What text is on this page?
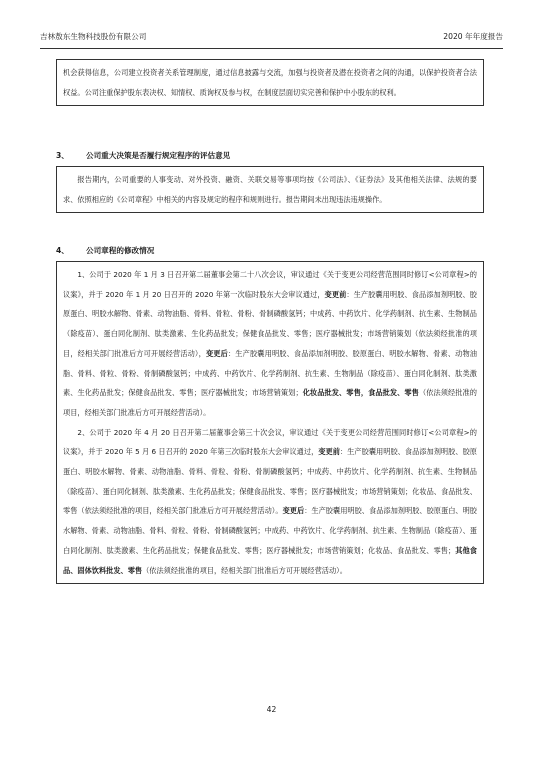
吉林敖东生物科技股份有限公司	2020 年年度报告

机会获得信息，公司建立投资者关系管理制度，通过信息披露与交流，加强与投资者及潜在投资者之间的沟通，以保护投资者合法权益。公司注重保护股东表决权、知情权、质询权及参与权，在制度层面切实完善和保护中小股东的权利。

3、 公司重大决策是否履行规定程序的评估意见

报告期内，公司重要的人事变动、对外投资、融资、关联交易等事项均按《公司法》、《证券法》及其他相关法律、法规的要求、依照相应的《公司章程》中相关的内容及规定的程序和规则进行。报告期间未出现违法违规操作。

4、 公司章程的修改情况

1、公司于 2020 年 1 月 3 日召开第二届董事会第二十八次会议，审议通过《关于变更公司经营范围同时修订<公司章程>的议案》，并于 2020 年 1 月 20 日召开的 2020 年第一次临时股东大会审议通过，变更前：生产胶囊用明胶、食品添加剂明胶、胶原蛋白、明胶水解物、骨素、动物油脂、骨料、骨粒、骨粉、骨制磷酸氢钙；中成药、中药饮片、化学药制剂、抗生素、生物制品（除疫苗）、蛋白同化制剂、肽类激素、生化药品批发；保健食品批发、零售；医疗器械批发；市场营销策划（依法须经批准的项目，经相关部门批准后方可开展经营活动），变更后：生产胶囊用明胶、食品添加剂明胶、胶原蛋白、明胶水解物、骨素、动物油脂、骨料、骨粒、骨粉、骨制磷酸氢钙；中成药、中药饮片、化学药制剂、抗生素、生物制品（除疫苗）、蛋白同化制剂、肽类激素、生化药品批发；保健食品批发、零售；医疗器械批发；市场营销策划；化妆品批发、零售，食品批发、零售（依法须经批准的项目，经相关部门批准后方可开展经营活动）。

2、公司于 2020 年 4 月 20 日召开第二届董事会第三十次会议，审议通过《关于变更公司经营范围同时修订<公司章程>的议案》，并于 2020 年 5 月 6 日召开的 2020 年第三次临时股东大会审议通过，变更前：生产胶囊用明胶、食品添加剂明胶、胶原蛋白、明胶水解物、骨素、动物油脂、骨料、骨粒、骨粉、骨制磷酸氢钙；中成药、中药饮片、化学药制剂、抗生素、生物制品（除疫苗）、蛋白同化制剂、肽类激素、生化药品批发；保健食品批发、零售；医疗器械批发；市场营销策划；化妆品、食品批发、零售（依法须经批准的项目，经相关部门批准后方可开展经营活动）。变更后：生产胶囊用明胶、食品添加剂明胶、胶原蛋白、明胶水解物、骨素、动物油脂、骨料、骨粒、骨粉、骨制磷酸氢钙；中成药、中药饮片、化学药制剂、抗生素、生物制品（除疫苗）、蛋白同化制剂、肽类激素、生化药品批发；保健食品批发、零售；医疗器械批发；市场营销策划；化妆品、食品批发、零售；其他食品、固体饮料批发、零售（依法须经批准的项目，经相关部门批准后方可开展经营活动）。

42
